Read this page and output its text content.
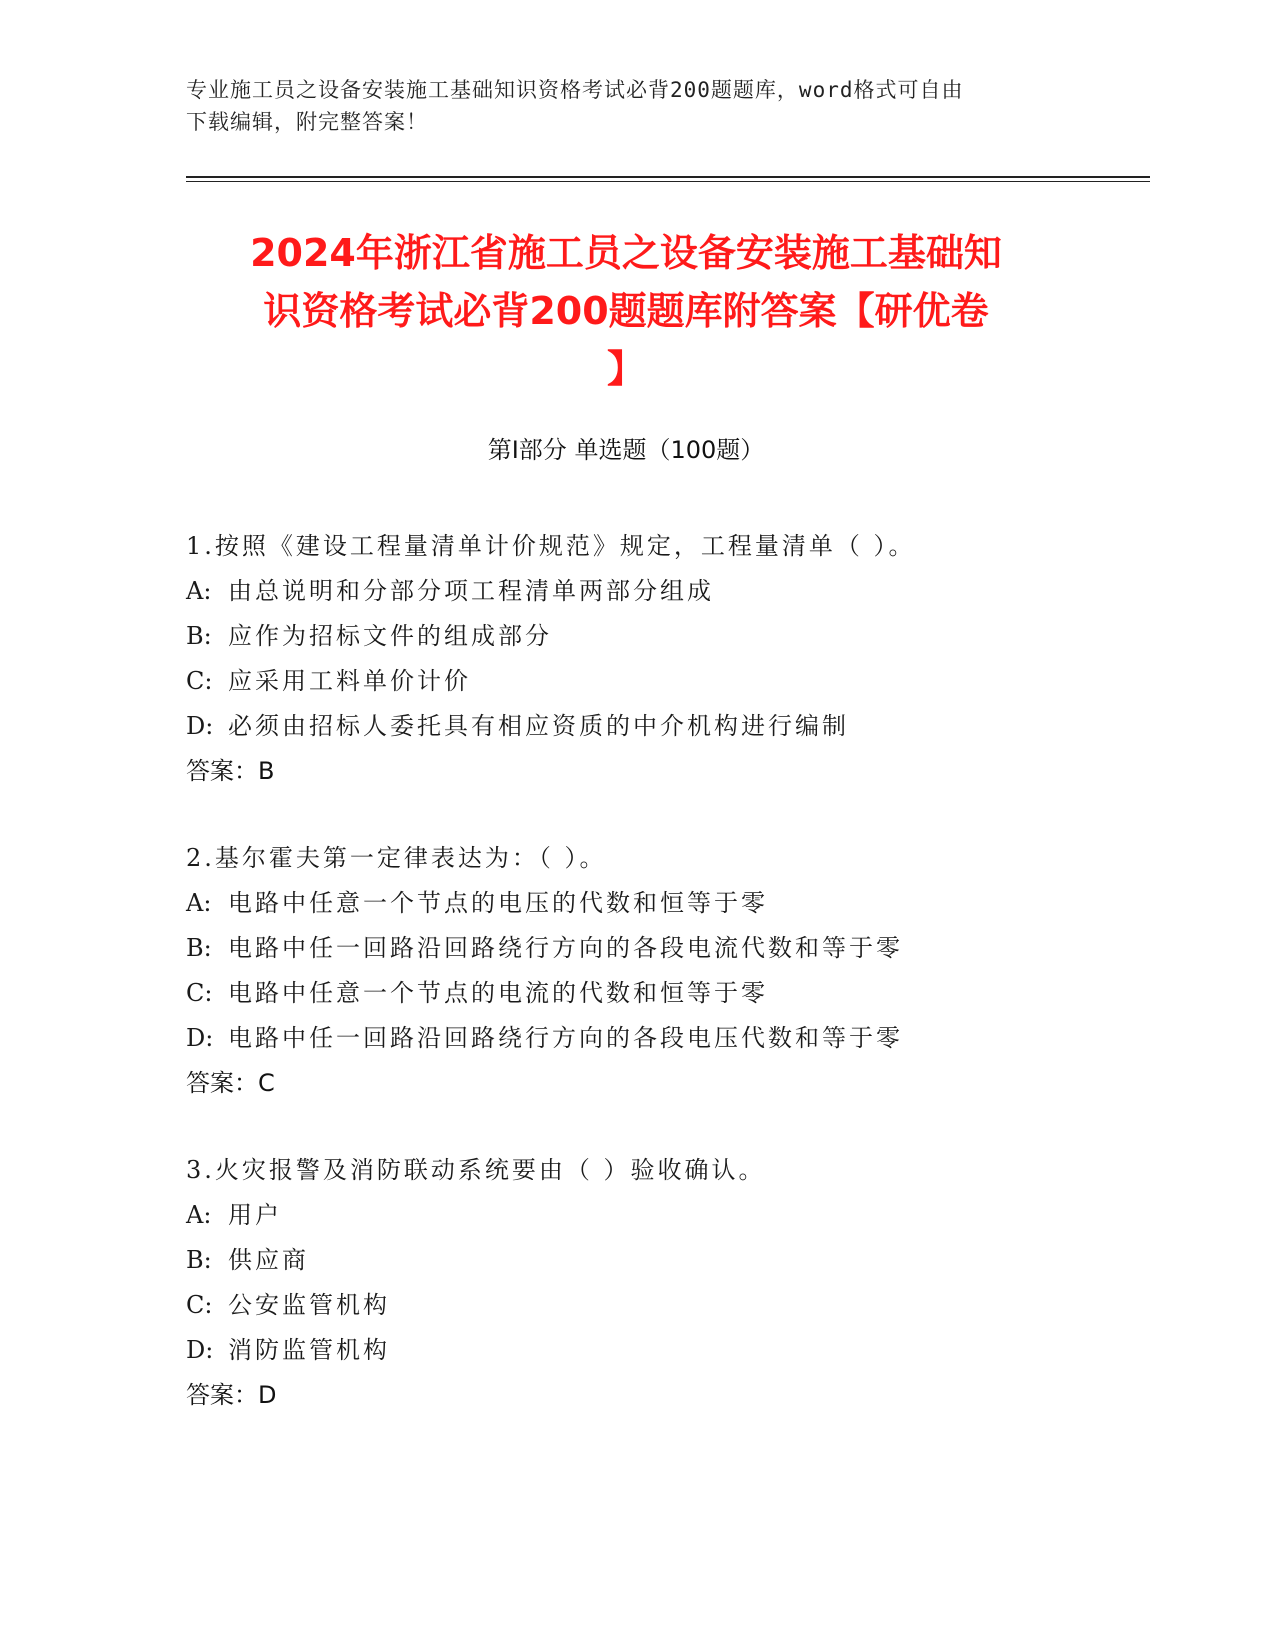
专业施工员之设备安装施工基础知识资格考试必背200题题库，word格式可自由
下载编辑，附完整答案！
2024年浙江省施工员之设备安装施工基础知
识资格考试必背200题题库附答案【研优卷
】
第Ⅰ部分 单选题（100题）
1.按照《建设工程量清单计价规范》规定，工程量清单（ ）。
A: 由总说明和分部分项工程清单两部分组成
B: 应作为招标文件的组成部分
C: 应采用工料单价计价
D: 必须由招标人委托具有相应资质的中介机构进行编制
答案：B
2.基尔霍夫第一定律表达为：（ ）。
A: 电路中任意一个节点的电压的代数和恒等于零
B: 电路中任一回路沿回路绕行方向的各段电流代数和等于零
C: 电路中任意一个节点的电流的代数和恒等于零
D: 电路中任一回路沿回路绕行方向的各段电压代数和等于零
答案：C
3.火灾报警及消防联动系统要由（ ）验收确认。
A: 用户
B: 供应商
C: 公安监管机构
D: 消防监管机构
答案：D
